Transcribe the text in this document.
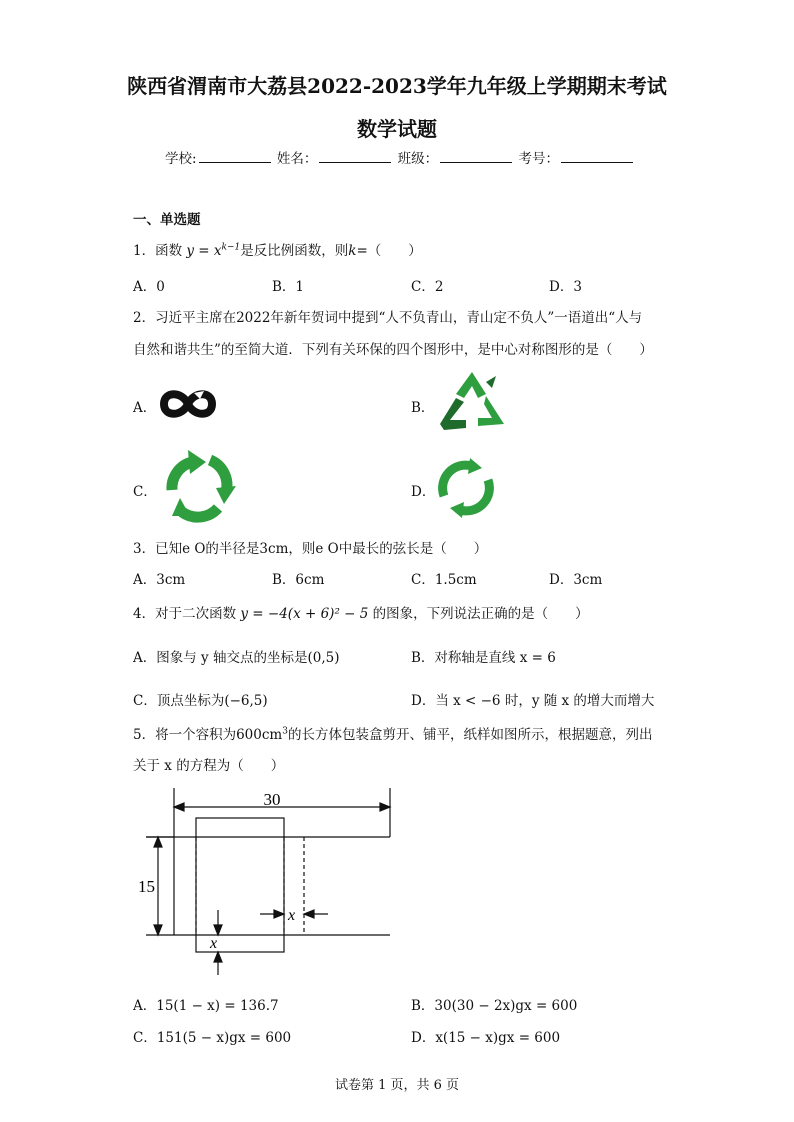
陕西省渭南市大荔县2022-2023学年九年级上学期期末考试
数学试题
学校:	姓名：	班级：	考号：
一、单选题
1．函数 $y = x^{k-1}$是反比例函数，则k=（　　）
A．0	B．1	C．2	D．3
2．习近平主席在2022年新年贺词中提到“人不负青山，青山定不负人”一语道出“人与
自然和谐共生”的至简大道．下列有关环保的四个图形中，是中心对称图形的是（　　）
A．	B．
C．	D．
3．已知e O的半径是3cm，则e O中最长的弦长是（　　）
A．3cm	B．6cm	C．1.5cm	D．3cm
4．对于二次函数 y = −4(x + 6)² − 5 的图象，下列说法正确的是（　　）
A．图象与 y 轴交点的坐标是(0,5)	B．对称轴是直线 x = 6
C．顶点坐标为(−6,5)	D．当 x < −6 时，y 随 x 的增大而增大
5．将一个容积为$600cm^3$的长方体包装盒剪开、铺平，纸样如图所示，根据题意，列出
关于 x 的方程为（　　）
30
15
x
x
A．15(1 − x) = 136.7	B．30(30 − 2x)gx = 600
C．151(5 − x)gx = 600	D．x(15 − x)gx = 600
试卷第 1 页，共 6 页
